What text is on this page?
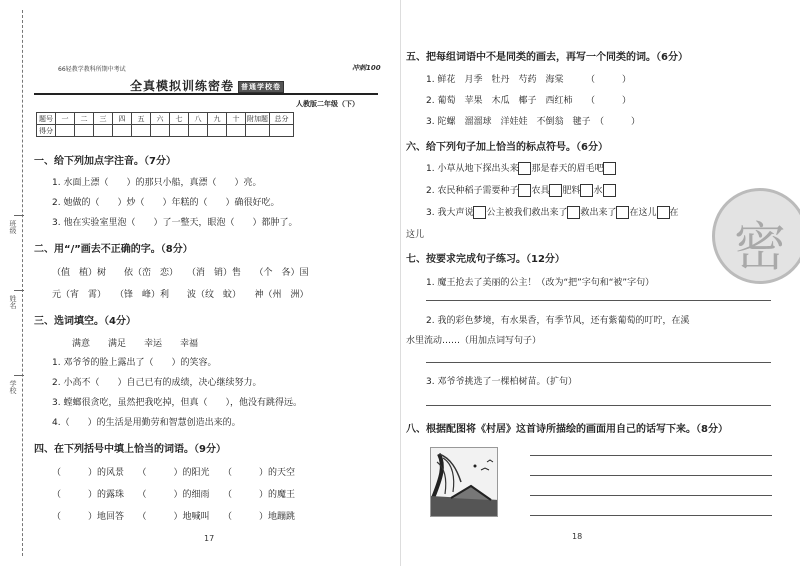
班级
姓名
学校
66轻教学教科所期中考试	冲刺100
全真模拟训练密卷 普通学校卷
人教版二年级（下）
题号	一	二	三	四	五	六	七	八	九	十	附加题	总分
得分												
一、给下列加点字注音。（7分）
1. 水面上漂（　　）的那只小船，真漂（　　）亮。
2. 她做的（　　）炒（　　）年糕的（　　）确很好吃。
3. 他在实验室里泡（　　）了一整天，眼泡（　　）都肿了。
二、用“/”画去不正确的字。（8分）
（值　植）树　　依（峦　恋）　　（消　销）售　　（个　各）国
元（宵　霄）　　（锋　峰）利　　波（纹　蚊）　　神（州　洲）
三、选词填空。（4分）
满意　　满足　　幸运　　幸福
1. 邓爷爷的脸上露出了（　　）的笑容。
2. 小高不（　　）自己已有的成绩，决心继续努力。
3. 螳螂很贪吃，虽然把我吃掉，但真（　　），他没有跳得远。
4.（　　）的生活是用勤劳和智慧创造出来的。
四、在下列括号中填上恰当的词语。（9分）
（　　　）的风景　　（　　　）的阳光　　（　　　）的天空
（　　　）的露珠　　（　　　）的细雨　　（　　　）的魔王
（　　　）地回答　　（　　　）地喊叫　　（　　　）地蹦跳
17
密
五、把每组词语中不是同类的画去，再写一个同类的词。（6分）
1. 鲜花　月季　牡丹　芍药　海棠　　　（　　　）
2. 葡萄　苹果　木瓜　椰子　西红柿　　（　　　）
3. 陀螺　溜溜球　洋娃娃　不倒翁　毽子　（　　　）
六、给下列句子加上恰当的标点符号。（6分）
1. 小草从地下探出头来 那是春天的眉毛吧
2. 农民种稻子需要种子 农具 肥料 水
3. 我大声说 公主被我们救出来了 救出来了 在这儿 在
这儿
七、按要求完成句子练习。（12分）
1. 魔王抢去了美丽的公主！（改为“把”字句和“被”字句）
2. 我的彩色梦境，有水果香，有季节风，还有紫葡萄的叮咛，在溪
水里流动……（用加点词写句子）
3. 邓爷爷挑选了一棵柏树苗。（扩句）
八、根据配图将《村居》这首诗所描绘的画面用自己的话写下来。（8分）
18
